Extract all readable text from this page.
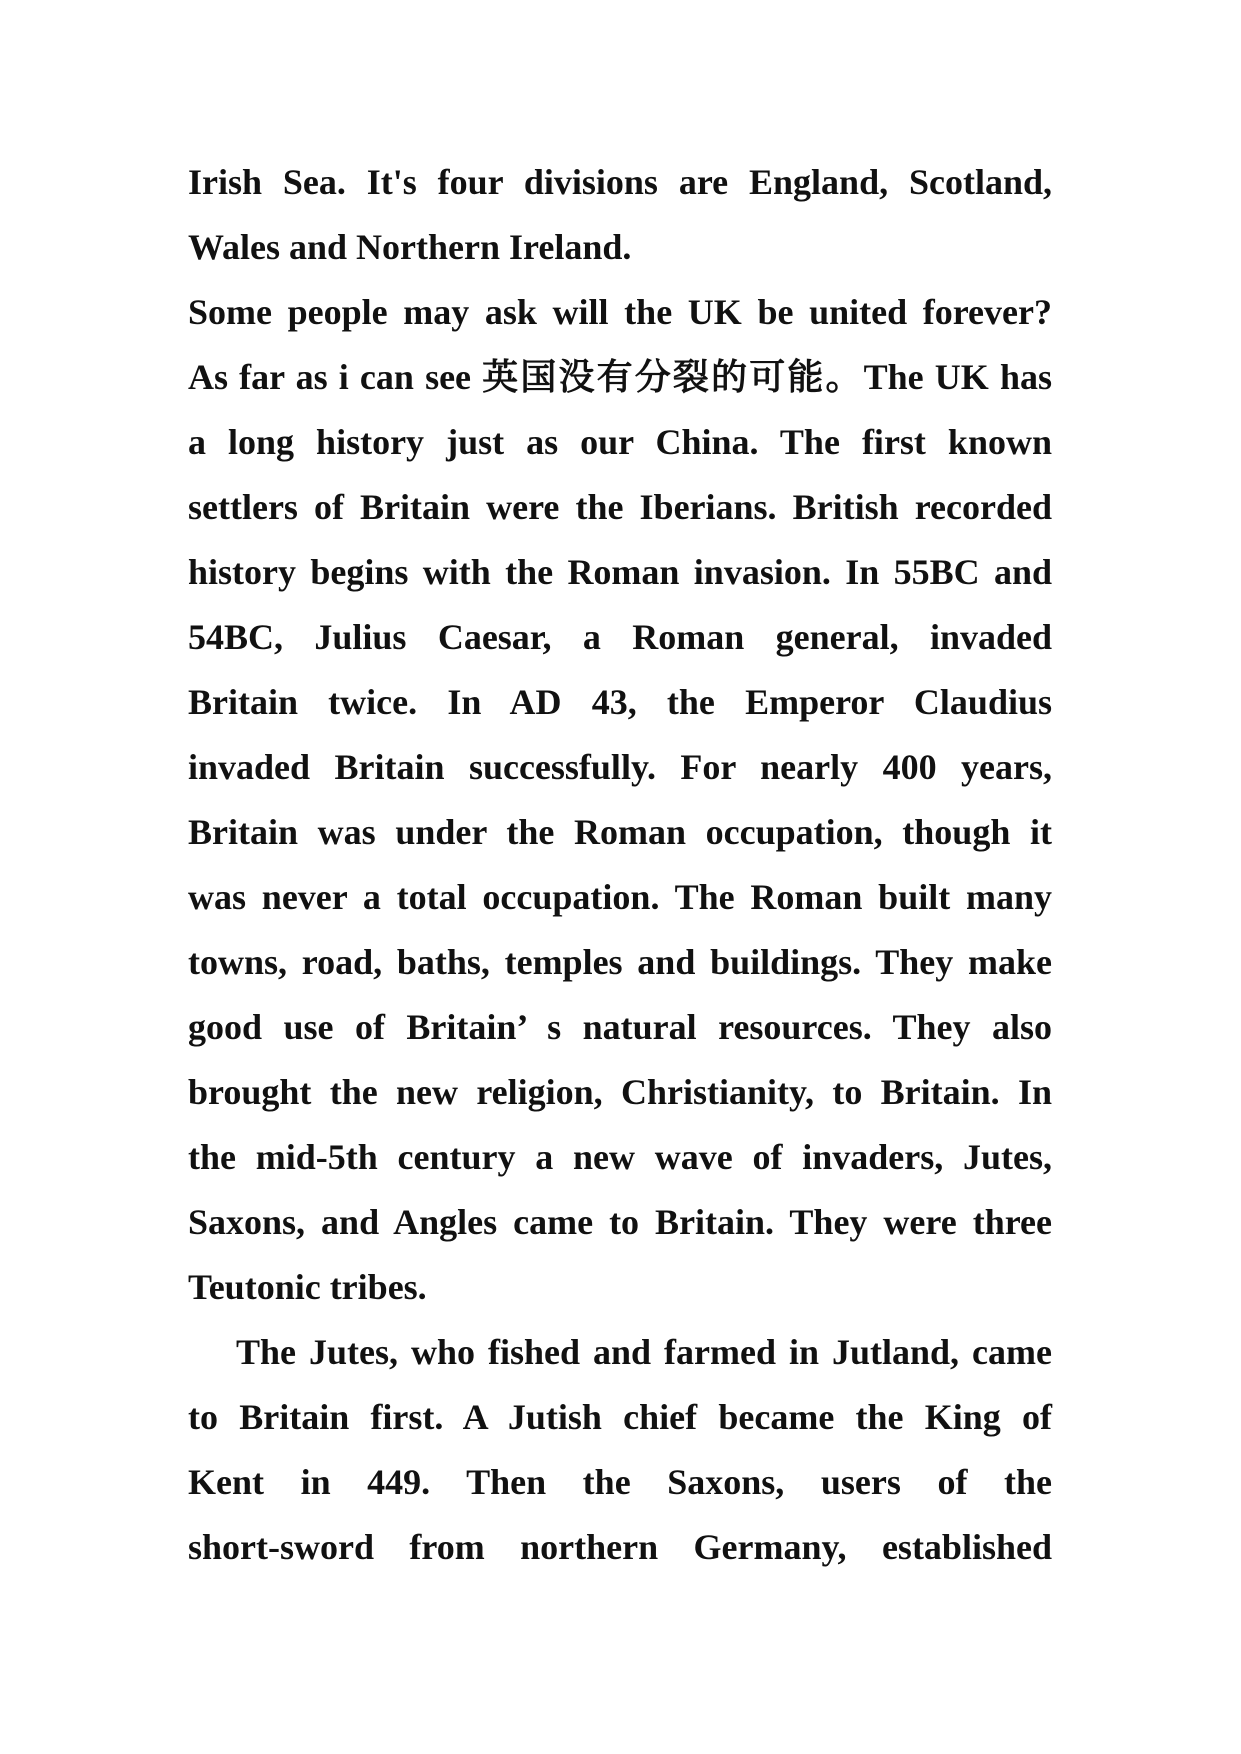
Irish Sea. It's four divisions are England, Scotland,
Wales and Northern Ireland.
Some people may ask will the UK be united forever?
As far as i can see 英国没有分裂的可能。The UK has
a long history just as our China. The first known
settlers of Britain were the Iberians. British recorded
history begins with the Roman invasion. In 55BC and
54BC, Julius Caesar, a Roman general, invaded
Britain twice. In AD 43, the Emperor Claudius
invaded Britain successfully. For nearly 400 years,
Britain was under the Roman occupation, though it
was never a total occupation. The Roman built many
towns, road, baths, temples and buildings. They make
good use of Britain’ s natural resources. They also
brought the new religion, Christianity, to Britain. In
the mid-5th century a new wave of invaders, Jutes,
Saxons, and Angles came to Britain. They were three
Teutonic tribes.
The Jutes, who fished and farmed in Jutland, came
to Britain first. A Jutish chief became the King of
Kent in 449. Then the Saxons, users of the
short-sword from northern Germany, established
